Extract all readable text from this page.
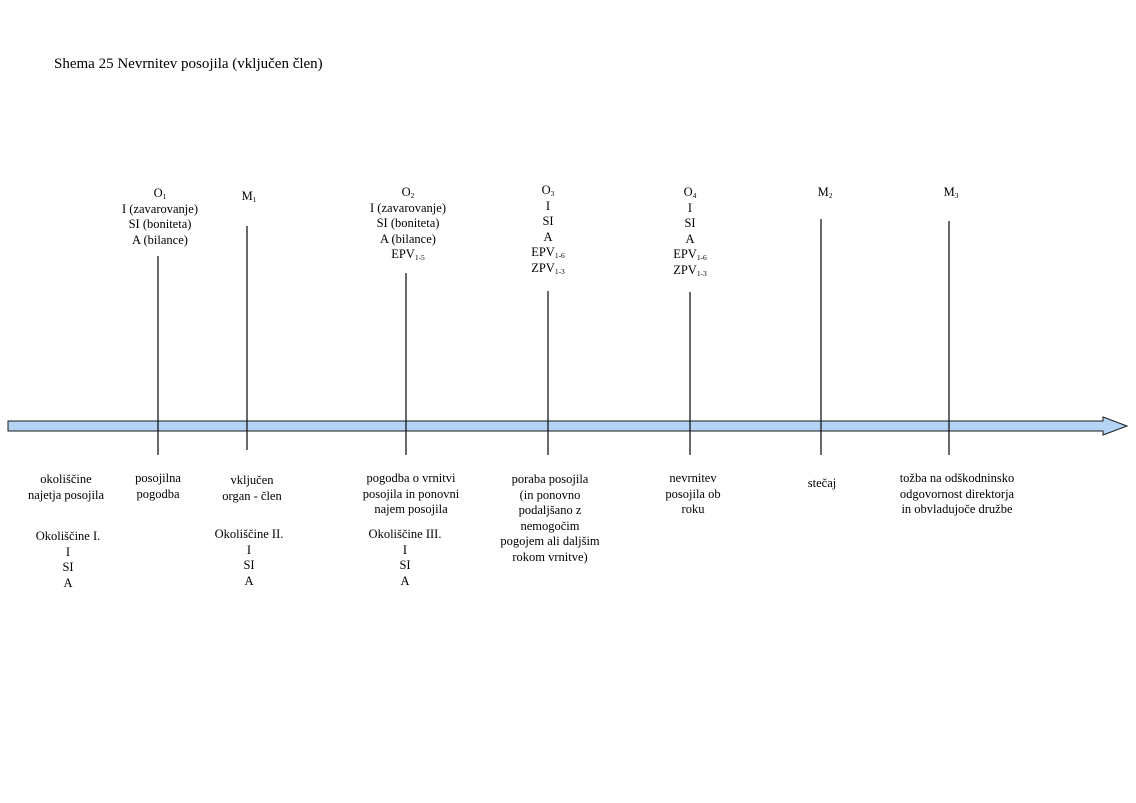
Shema 25 Nevrnitev posojila (vključen člen)
$O_1$
I (zavarovanje)
SI (boniteta)
A (bilance)
$M_1$
$O_2$
I (zavarovanje)
SI (boniteta)
A (bilance)
$EPV_{1-5}$
$O_3$
I
SI
A
$EPV_{1-6}$
$ZPV_{1-3}$
$O_4$
I
SI
A
$EPV_{1-6}$
$ZPV_{1-3}$
$M_2$	$M_3$
okoliščine
najetja posojila
posojilna
pogodba
vključen
organ - člen
pogodba o vrnitvi
posojila in ponovni
najem posojila
poraba posojila
(in ponovno
podaljšano z
nemogočim
pogojem ali daljšim
rokom vrnitve)
nevrnitev
posojila ob
roku
stečaj	tožba na odškodninsko
odgovornost direktorja
in obvladujoče družbe
Okoliščine I.
I
SI
A
Okoliščine II.
I
SI
A
Okoliščine III.
I
SI
A
